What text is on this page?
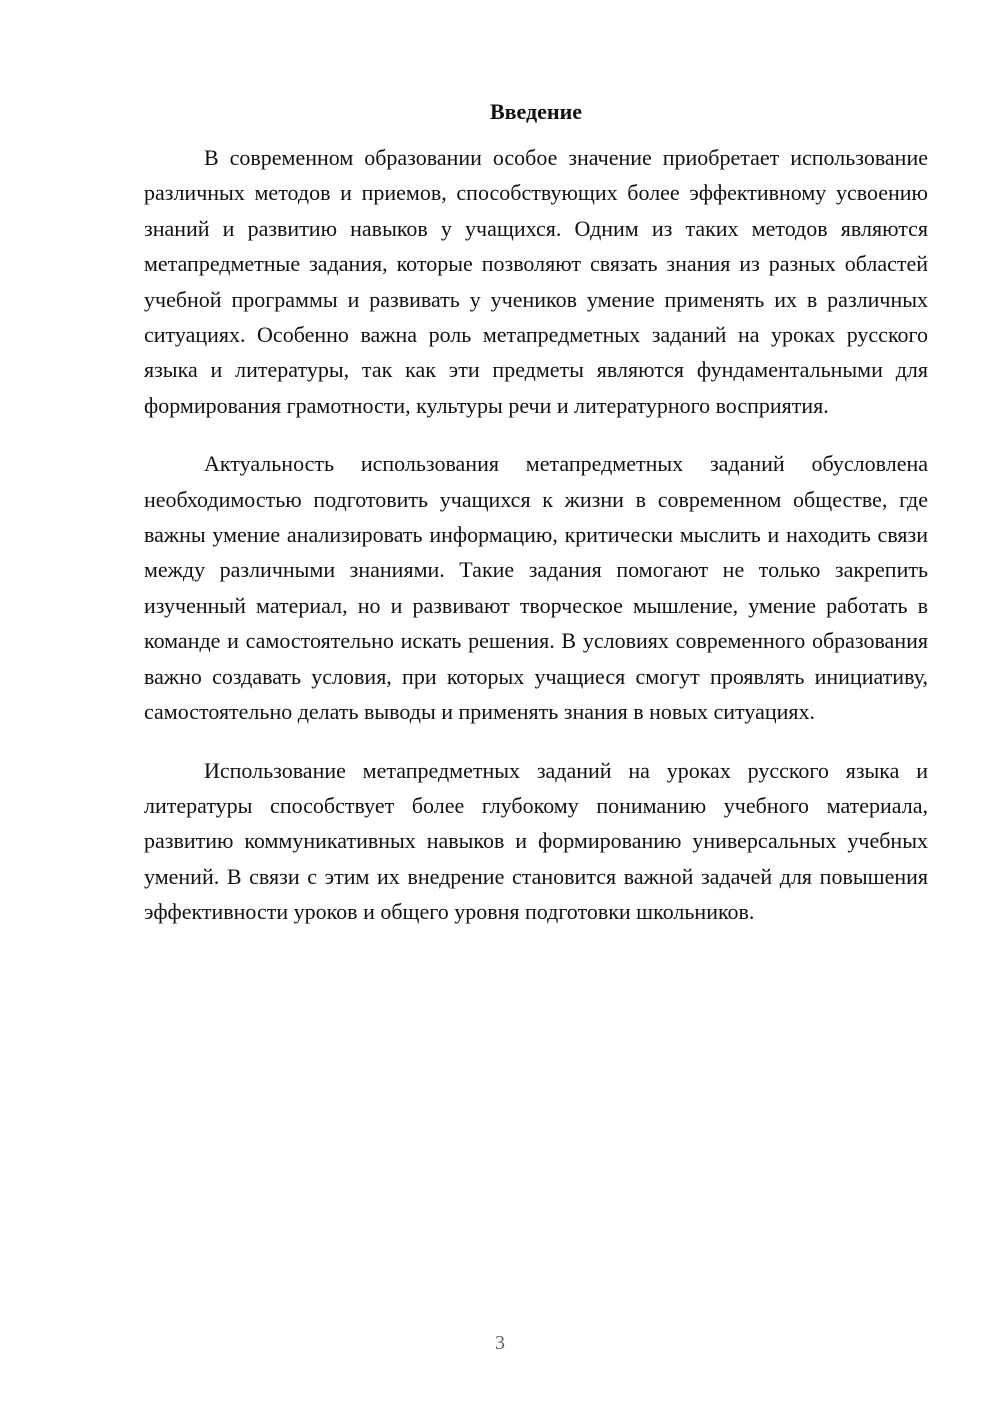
Введение

В современном образовании особое значение приобретает использование различных методов и приемов, способствующих более эффективному усвоению знаний и развитию навыков у учащихся. Одним из таких методов являются метапредметные задания, которые позволяют связать знания из разных областей учебной программы и развивать у учеников умение применять их в различных ситуациях. Особенно важна роль метапредметных заданий на уроках русского языка и литературы, так как эти предметы являются фундаментальными для формирования грамотности, культуры речи и литературного восприятия.

Актуальность использования метапредметных заданий обусловлена необходимостью подготовить учащихся к жизни в современном обществе, где важны умение анализировать информацию, критически мыслить и находить связи между различными знаниями. Такие задания помогают не только закрепить изученный материал, но и развивают творческое мышление, умение работать в команде и самостоятельно искать решения. В условиях современного образования важно создавать условия, при которых учащиеся смогут проявлять инициативу, самостоятельно делать выводы и применять знания в новых ситуациях.

Использование метапредметных заданий на уроках русского языка и литературы способствует более глубокому пониманию учебного материала, развитию коммуникативных навыков и формированию универсальных учебных умений. В связи с этим их внедрение становится важной задачей для повышения эффективности уроков и общего уровня подготовки школьников.

3
